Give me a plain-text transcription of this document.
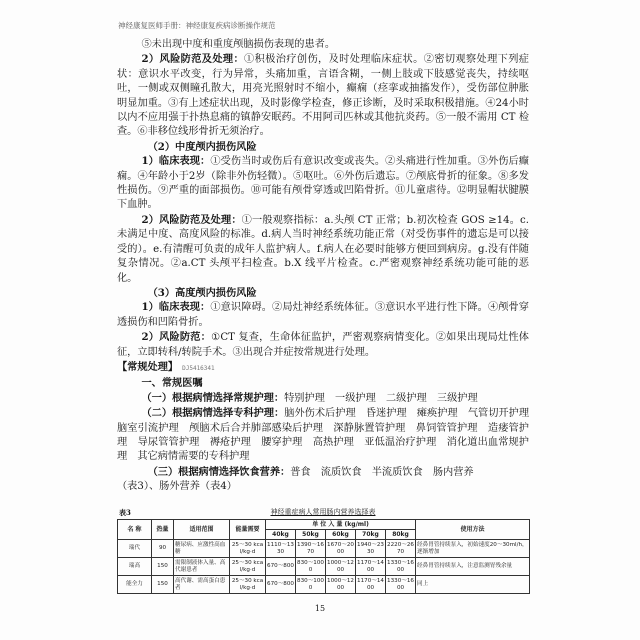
神经康复医师手册：神经康复疾病诊断操作规范

⑤未出现中度和重度颅脑损伤表现的患者。

2）风险防范及处理：①积极治疗创伤，及时处理临床症状。②密切观察处理下列症状：意识水平改变，行为异常，头痛加重，言语含糊，一侧上肢或下肢感觉丧失，持续呕吐，一侧或双侧瞳孔散大，用亮光照射时不缩小，癫痫（痉挛或抽搐发作），受伤部位肿胀明显加重。③有上述症状出现，及时影像学检查，修正诊断，及时采取积极措施。④24小时以内不应用强于扑热息痛的镇静安眠药。不用阿司匹林或其他抗炎药。⑤一般不需用 CT 检查。⑥非移位线形骨折无须治疗。

（2）中度颅内损伤风险

1）临床表现：①受伤当时或伤后有意识改变或丧失。②头痛进行性加重。③外伤后癫痫。④年龄小于2岁（除非外伤轻微）。⑤呕吐。⑥外伤后遗忘。⑦颅底骨折的征象。⑧多发性损伤。⑨严重的面部损伤。⑩可能有颅骨穿透或凹陷骨折。⑪儿童虐待。⑫明显帽状腱膜下血肿。

2）风险防范及处理：①一般观察指标：a.头颅 CT 正常；b.初次检查 GOS ≥14。c.未满足中度、高度风险的标准。d.病人当时神经系统功能正常（对受伤事件的遗忘是可以接受的）。e.有清醒可负责的成年人监护病人。f.病人在必要时能够方便回到病房。g.没有伴随复杂情况。②a.CT 头颅平扫检查。b.X 线平片检查。c.严密观察神经系统功能可能的恶化。

（3）高度颅内损伤风险

1）临床表现：①意识障碍。②局灶神经系统体征。③意识水平进行性下降。④颅骨穿透损伤和凹陷骨折。

2）风险防范：①CT 复查，生命体征监护，严密观察病情变化。②如果出现局灶性体征，立即转科/转院手术。③出现合并症按常规进行处理。

【常规处理】 DJ5416341

一、常规医嘱

（一）根据病情选择常规护理：特别护理　一级护理　二级护理　三级护理

（二）根据病情选择专科护理：脑外伤术后护理　昏迷护理　瘫痪护理　气管切开护理　脑室引流护理　颅脑术后合并肺部感染后护理　深静脉置管护理　鼻饲管管护理　造瘘管护理　导尿管管护理　褥疮护理　腰穿护理　高热护理　亚低温治疗护理　消化道出血常规护理　其它病情需要的专科护理

（三）根据病情选择饮食营养：普食　流质饮食　半流质饮食　肠内营养

（表3）、肠外营养（表4）

表3	神经重症病人常用肠内营养选择表
名 称	热量	适用范围	能量需要	单 位 入 量 (kg/ml)					使用方法
				40kg	50kg	60kg	70kg	80kg	
瑞代	90	糖尿病、应激性高血糖	25～30 kcal/kg·d	1110～1330	1390～1670	1670～2000	1940～2330	2220～2670	经鼻胃管持续泵入，初始速度20～30ml/h，逐渐增加
瑞高	150	需限制液体入量、高代谢患者	25～30 kcal/kg·d	670～800	830～1000	1000～1200	1170～1400	1330～1600	经鼻胃管持续泵入，注意监测胃残余量
能全力	150	高代谢、需高蛋白患者	25～30 kcal/kg·d	670～800	830～1000	1000～1200	1170～1400	1330～1600	同上
15
